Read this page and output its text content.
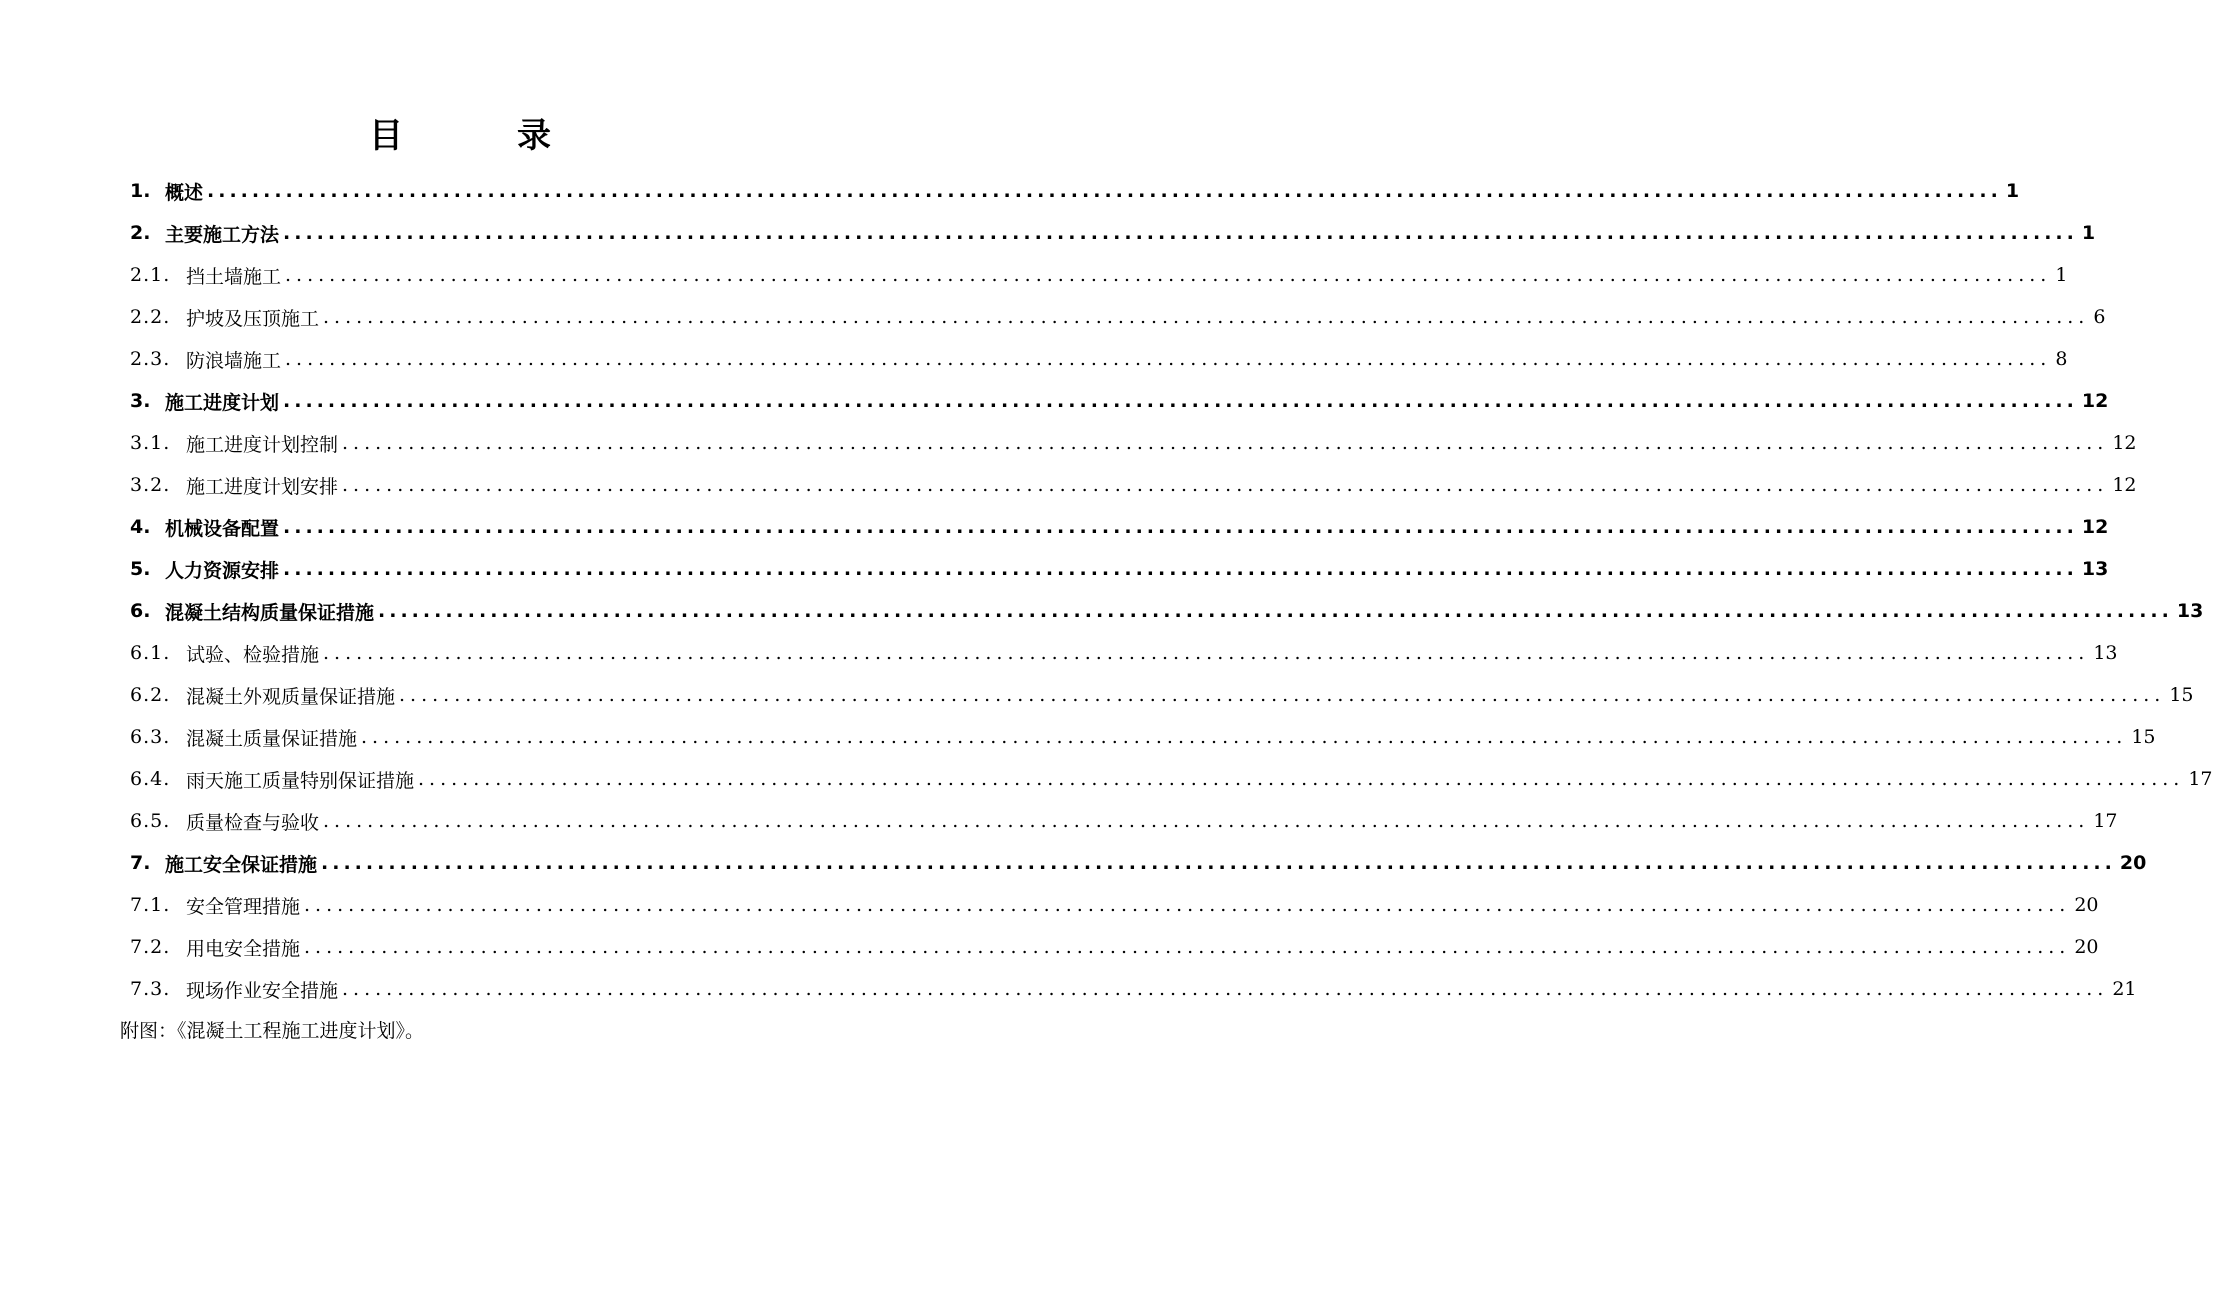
目　录
1. 概述 ................................................................................................................................................................ 1
2. 主要施工方法 ................................................................................................................................................................ 1
2.1. 挡土墙施工 ................................................................................................................................................................ 1
2.2. 护坡及压顶施工 ................................................................................................................................................................ 6
2.3. 防浪墙施工 ................................................................................................................................................................ 8
3. 施工进度计划 ................................................................................................................................................................ 12
3.1. 施工进度计划控制 ................................................................................................................................................................ 12
3.2. 施工进度计划安排 ................................................................................................................................................................ 12
4. 机械设备配置 ................................................................................................................................................................ 12
5. 人力资源安排 ................................................................................................................................................................ 13
6. 混凝土结构质量保证措施 ................................................................................................................................................................ 13
6.1. 试验、检验措施 ................................................................................................................................................................ 13
6.2. 混凝土外观质量保证措施 ................................................................................................................................................................ 15
6.3. 混凝土质量保证措施 ................................................................................................................................................................ 15
6.4. 雨天施工质量特别保证措施 ................................................................................................................................................................ 17
6.5. 质量检查与验收 ................................................................................................................................................................ 17
7. 施工安全保证措施 ................................................................................................................................................................ 20
7.1. 安全管理措施 ................................................................................................................................................................ 20
7.2. 用电安全措施 ................................................................................................................................................................ 20
7.3. 现场作业安全措施 ................................................................................................................................................................ 21
附图：《混凝土工程施工进度计划》。
